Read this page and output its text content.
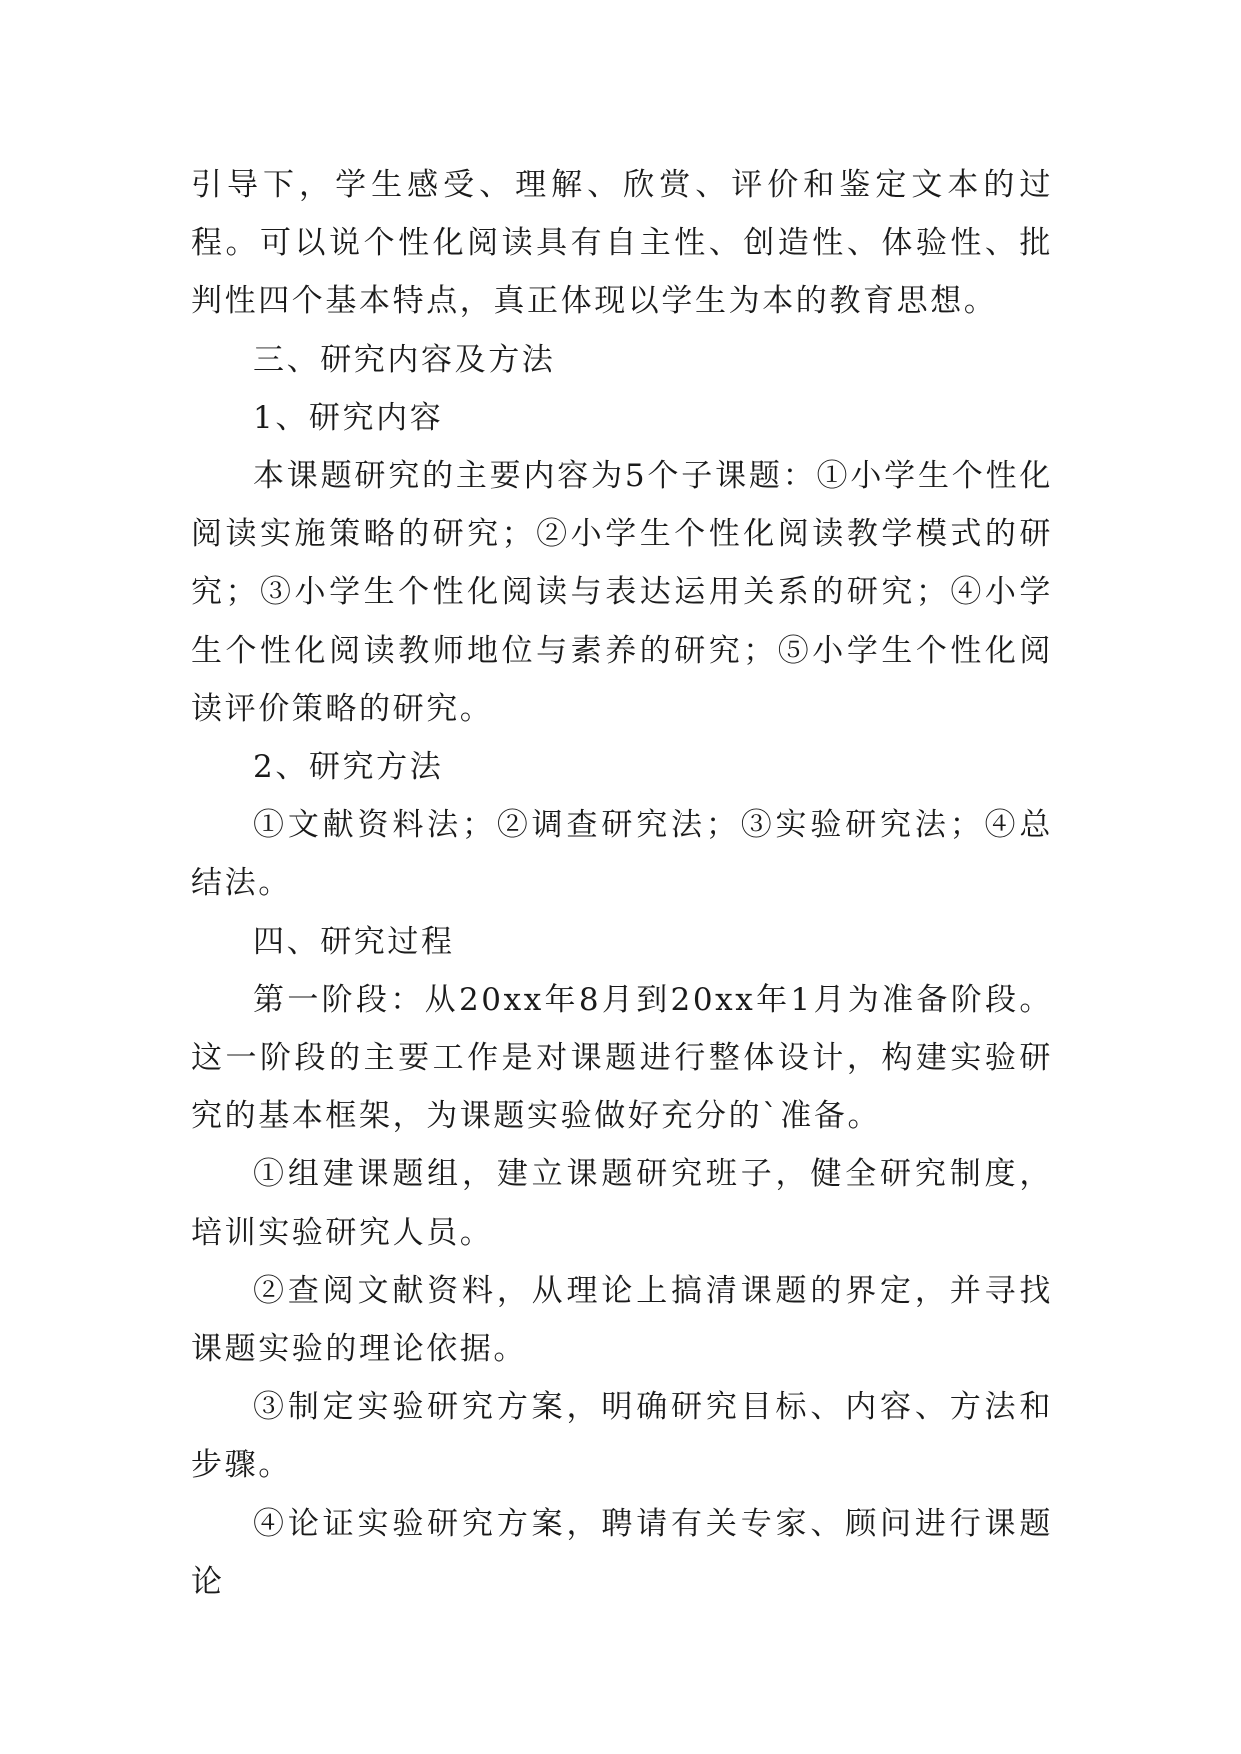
引导下，学生感受、理解、欣赏、评价和鉴定文本的过程。可以说个性化阅读具有自主性、创造性、体验性、批判性四个基本特点，真正体现以学生为本的教育思想。

三、研究内容及方法

1、研究内容

本课题研究的主要内容为5个子课题：①小学生个性化阅读实施策略的研究；②小学生个性化阅读教学模式的研究；③小学生个性化阅读与表达运用关系的研究；④小学生个性化阅读教师地位与素养的研究；⑤小学生个性化阅读评价策略的研究。

2、研究方法

①文献资料法；②调查研究法；③实验研究法；④总结法。

四、研究过程

第一阶段：从20xx年8月到20xx年1月为准备阶段。这一阶段的主要工作是对课题进行整体设计，构建实验研究的基本框架，为课题实验做好充分的`准备。

①组建课题组，建立课题研究班子，健全研究制度，培训实验研究人员。

②查阅文献资料，从理论上搞清课题的界定，并寻找课题实验的理论依据。

③制定实验研究方案，明确研究目标、内容、方法和步骤。

④论证实验研究方案，聘请有关专家、顾问进行课题论
